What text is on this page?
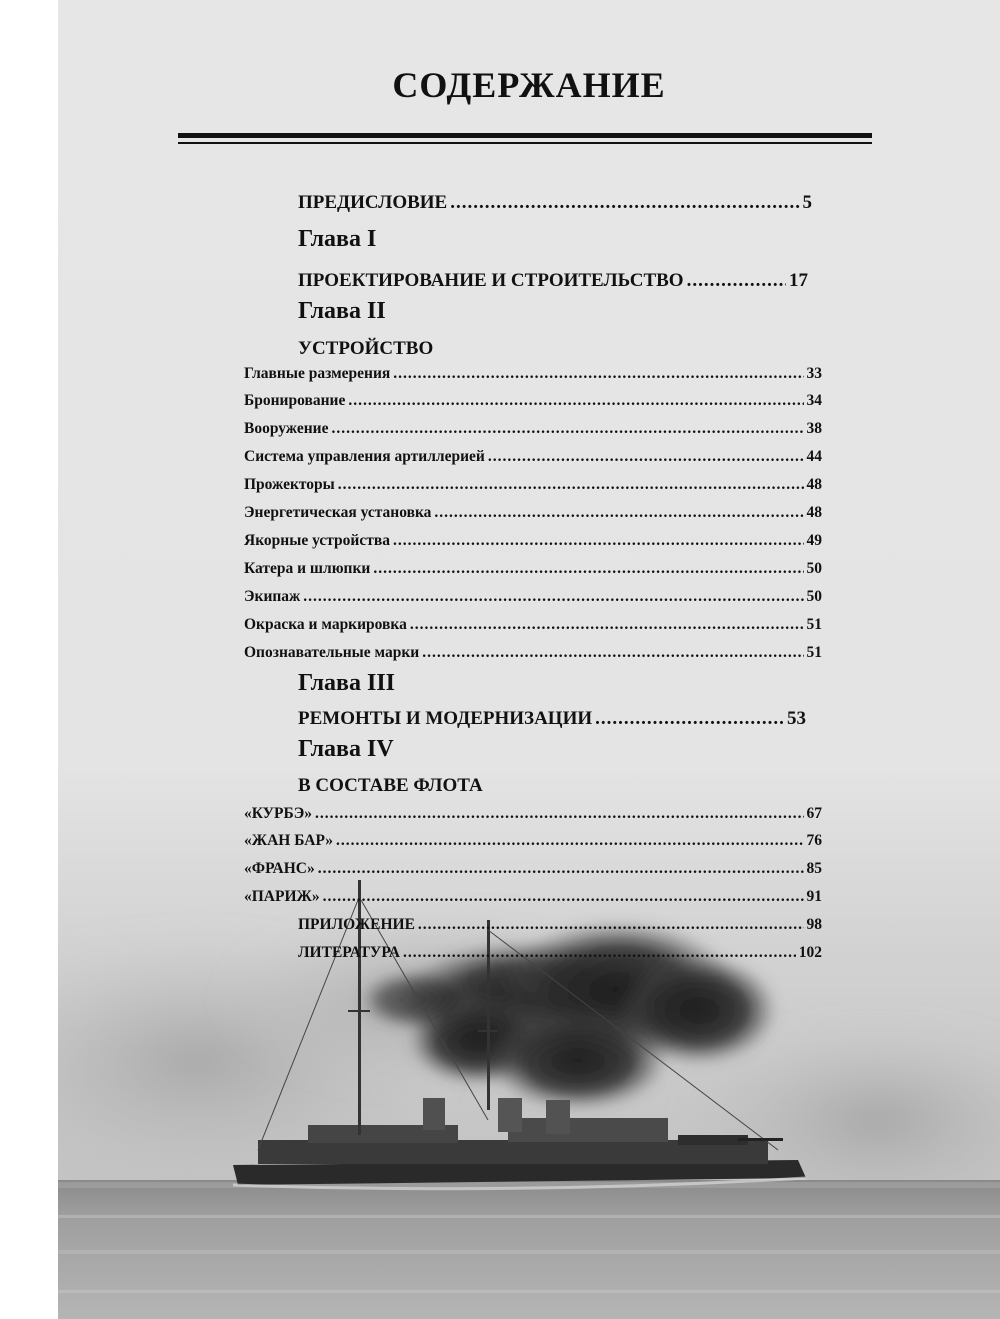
СОДЕРЖАНИЕ
ПРЕДИСЛОВИЕ .....	5
Глава I
ПРОЕКТИРОВАНИЕ И СТРОИТЕЛЬСТВО .....	17
Глава II
УСТРОЙСТВО
Главные размерения .....	33
Бронирование .....	34
Вооружение .....	38
Система управления артиллерией .....	44
Прожекторы .....	48
Энергетическая установка .....	48
Якорные устройства .....	49
Катера и шлюпки .....	50
Экипаж .....	50
Окраска и маркировка .....	51
Опознавательные марки .....	51
Глава III
РЕМОНТЫ И МОДЕРНИЗАЦИИ .....	53
Глава IV
В СОСТАВЕ ФЛОТА
«КУРБЭ» .....	67
«ЖАН БАР» .....	76
«ФРАНС» .....	85
«ПАРИЖ» .....	91
ПРИЛОЖЕНИЕ .....	98
ЛИТЕРАТУРА .....	102
